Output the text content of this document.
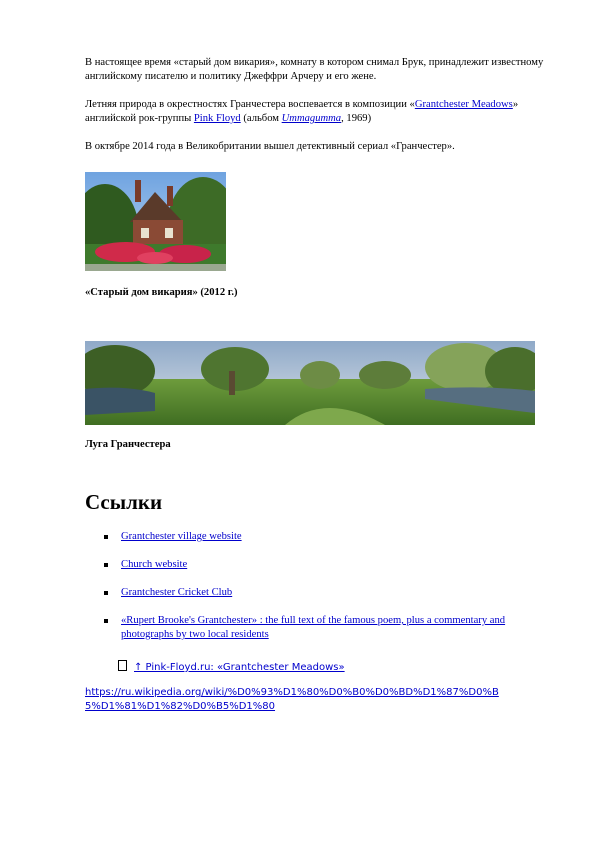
В настоящее время «старый дом викария», комнату в котором снимал Брук, принадлежит известному английскому писателю и политику Джеффри Арчеру и его жене.

Летняя природа в окрестностях Гранчестера воспевается в композиции «Grantchester Meadows» английской рок-группы Pink Floyd (альбом Ummagumma, 1969)

В октябре 2014 года в Великобритании вышел детективный сериал «Гранчестер».

«Старый дом викария» (2012 г.)

Луга Гранчестера

Ссылки
Grantchester village website
Church website
Grantchester Cricket Club
«Rupert Brooke's Grantchester» : the full text of the famous poem, plus a commentary and photographs by two local residents
↑ Pink-Floyd.ru: «Grantchester Meadows»
https://ru.wikipedia.org/wiki/%D0%93%D1%80%D0%B0%D0%BD%D1%87%D0%B5%D1%81%D1%82%D0%B5%D1%80
